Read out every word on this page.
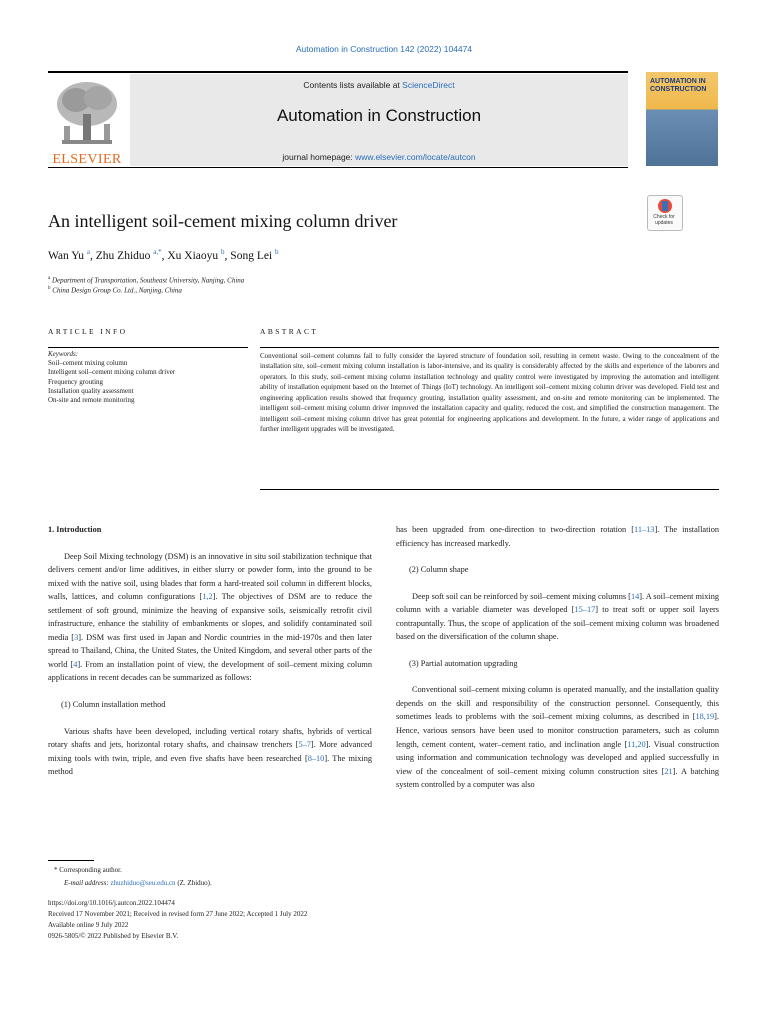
Automation in Construction 142 (2022) 104474
ELSEVIER
Contents lists available at ScienceDirect
Automation in Construction
journal homepage: www.elsevier.com/locate/autcon
AUTOMATION IN CONSTRUCTION
An intelligent soil-cement mixing column driver	Check for updates
Wan Yu $^a$, Zhu Zhiduo $^{a,*}$, Xu Xiaoyu $^b$, Song Lei $^b$
$^a$ Department of Transportation, Southeast University, Nanjing, China
$^b$ China Design Group Co. Ltd., Nanjing, China
ARTICLE INFO	ABSTRACT
Keywords:
Soil–cement mixing column
Intelligent soil–cement mixing column driver
Frequency grouting
Installation quality assessment
On-site and remote monitoring
Conventional soil–cement columns fail to fully consider the layered structure of foundation soil, resulting in cement waste. Owing to the concealment of the installation site, soil–cement mixing column installation is labor-intensive, and its quality is considerably affected by the skills and experience of the laborers and operators. In this study, soil–cement mixing column installation technology and quality control were investigated by improving the automation and intelligent ability of installation equipment based on the Internet of Things (IoT) technology. An intelligent soil–cement mixing column driver was developed. Field test and engineering application results showed that frequency grouting, installation quality assessment, and on-site and remote monitoring can be implemented. The intelligent soil–cement mixing column driver improved the installation capacity and quality, reduced the cost, and simplified the construction management. The intelligent soil–cement mixing column driver has great potential for engineering applications and development. In the future, a wider range of applications and further intelligent upgrades will be investigated.

1. Introduction

Deep Soil Mixing technology (DSM) is an innovative in situ soil stabilization technique that delivers cement and/or lime additives, in either slurry or powder form, into the ground to be mixed with the native soil, using blades that form a hard-treated soil column in different blocks, walls, lattices, and column configurations [1,2]. The objectives of DSM are to reduce the settlement of soft ground, minimize the heaving of expansive soils, seismically retrofit civil infrastructure, enhance the stability of embankments or slopes, and solidify contaminated soil media [3]. DSM was first used in Japan and Nordic countries in the mid-1970s and then later spread to Thailand, China, the United States, the United Kingdom, and several other parts of the world [4]. From an installation point of view, the development of soil–cement mixing column applications in recent decades can be summarized as follows:

(1) Column installation method

Various shafts have been developed, including vertical rotary shafts, hybrids of vertical rotary shafts and jets, horizontal rotary shafts, and chainsaw trenchers [5–7]. More advanced mixing tools with twin, triple, and even five shafts have been researched [8–10]. The mixing method

has been upgraded from one-direction to two-direction rotation [11–13]. The installation efficiency has increased markedly.

(2) Column shape

Deep soft soil can be reinforced by soil–cement mixing columns [14]. A soil–cement mixing column with a variable diameter was developed [15–17] to treat soft or upper soil layers contrapuntally. Thus, the scope of application of the soil–cement mixing column was broadened based on the diversification of the column shape.

(3) Partial automation upgrading

Conventional soil–cement mixing column is operated manually, and the installation quality depends on the skill and responsibility of the construction personnel. Consequently, this sometimes leads to problems with the soil–cement mixing columns, as described in [18,19]. Hence, various sensors have been used to monitor construction parameters, such as column length, cement content, water–cement ratio, and inclination angle [11,20]. Visual construction using information and communication technology was developed and applied successfully in view of the concealment of soil–cement mixing column construction sites [21]. A batching system controlled by a computer was also

* Corresponding author.
E-mail address: zhuzhiduo@seu.edu.cn (Z. Zhiduo).
https://doi.org/10.1016/j.autcon.2022.104474
Received 17 November 2021; Received in revised form 27 June 2022; Accepted 1 July 2022
Available online 9 July 2022
0926-5805/© 2022 Published by Elsevier B.V.
